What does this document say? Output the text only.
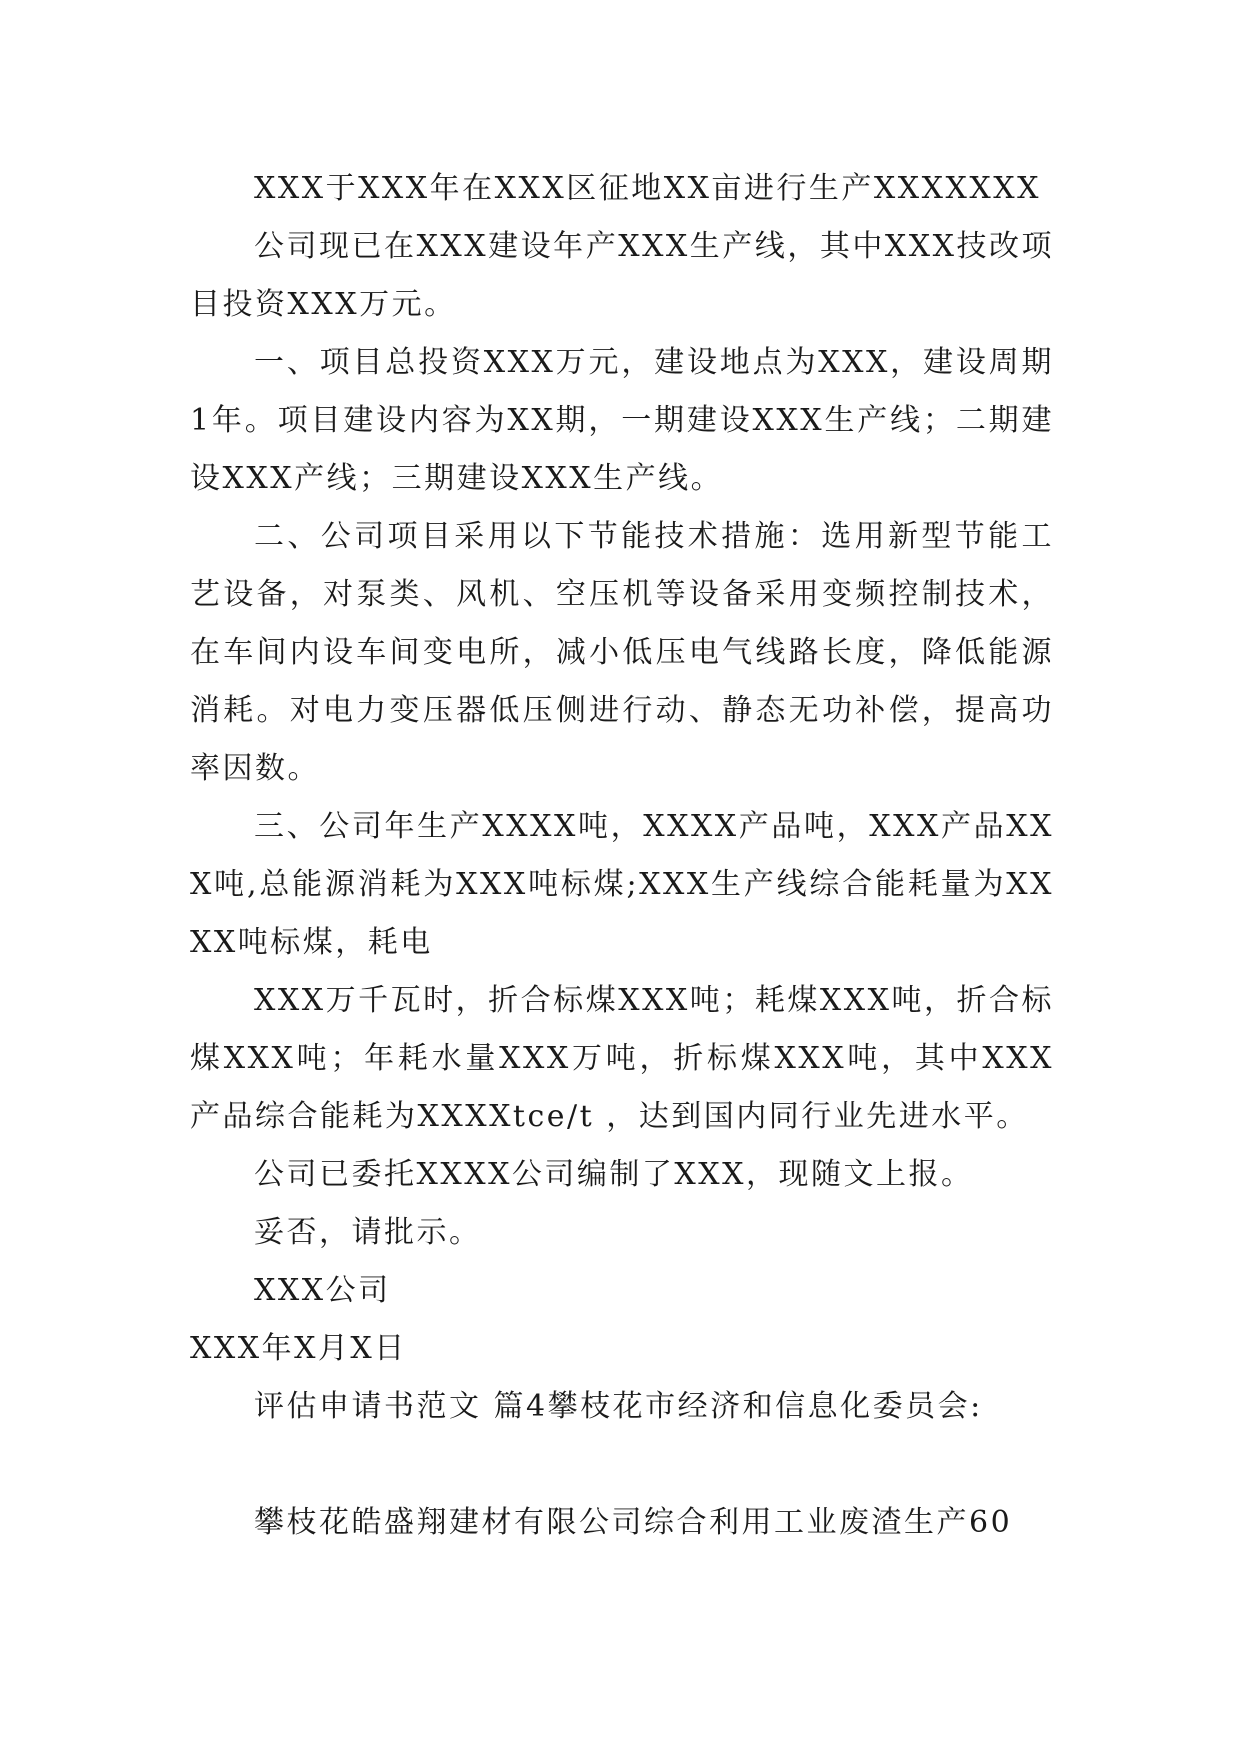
XXX于XXX年在XXX区征地XX亩进行生产XXXXXXX

公司现已在XXX建设年产XXX生产线，其中XXX技改项目投资XXX万元。

一、项目总投资XXX万元，建设地点为XXX，建设周期1年。项目建设内容为XX期，一期建设XXX生产线；二期建设XXX产线；三期建设XXX生产线。

二、公司项目采用以下节能技术措施：选用新型节能工艺设备，对泵类、风机、空压机等设备采用变频控制技术，在车间内设车间变电所，减小低压电气线路长度，降低能源消耗。对电力变压器低压侧进行动、静态无功补偿，提高功率因数。

三、公司年生产XXXX吨，XXXX产品吨，XXX产品XXX吨,总能源消耗为XXX吨标煤;XXX生产线综合能耗量为XXXX吨标煤，耗电

XXX万千瓦时，折合标煤XXX吨；耗煤XXX吨，折合标煤XXX吨；年耗水量XXX万吨，折标煤XXX吨，其中XXX产品综合能耗为XXXXtce/t ，达到国内同行业先进水平。

公司已委托XXXX公司编制了XXX，现随文上报。

妥否，请批示。

XXX公司

XXX年X月X日

评估申请书范文 篇4攀枝花市经济和信息化委员会:

攀枝花皓盛翔建材有限公司综合利用工业废渣生产60
